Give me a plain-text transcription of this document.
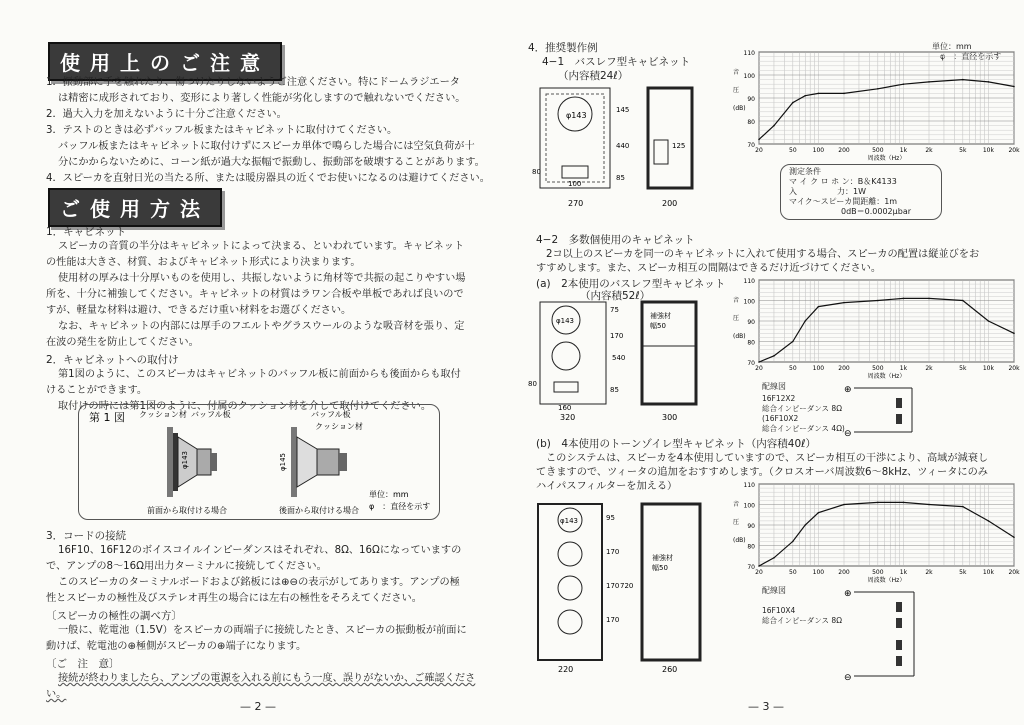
使用上のご注意
1．振動部に手を触れたり、傷つけたりしないようご注意ください。特にドームラジエータ
は精密に成形されており、変形により著しく性能が劣化しますので触れないでください。
2．過大入力を加えないように十分ご注意ください。
3．テストのときは必ずバッフル板またはキャビネットに取付けてください。
バッフル板またはキャビネットに取付けずにスピーカ単体で鳴らした場合には空気負荷が十
分にかからないために、コーン紙が過大な振幅で振動し、振動部を破壊することがあります。
4．スピーカを直射日光の当たる所、または暖房器具の近くでお使いになるのは避けてください。
ご使用方法
1．キャビネット
スピーカの音質の半分はキャビネットによって決まる、といわれています。キャビネット
の性能は大きさ、材質、およびキャビネット形式により決まります。
使用材の厚みは十分厚いものを使用し、共振しないように角材等で共振の起こりやすい場
所を、十分に補強してください。キャビネットの材質はラワン合板や単板であれば良いので
すが、軽量な材料は避け、できるだけ重い材料をお選びください。
なお、キャビネットの内部には厚手のフエルトやグラスウールのような吸音材を張り、定
在波の発生を防止してください。
2．キャビネットへの取付け
第1図のように、このスピーカはキャビネットのバッフル板に前面からも後面からも取付
けることができます。
取付けの時には第1図のように、付属のクッション材を介して取付けてください。
第 1 図 クッション材 バッフル板
φ143
前面から取付ける場合
バッフル板
クッション材
φ145
後面から取付ける場合
単位：mm
φ　：直径を示す
3．コードの接続
16F10、16F12のボイスコイルインピーダンスはそれぞれ、8Ω、16Ωになっていますの
で、アンプの8〜16Ω用出力ターミナルに接続してください。
このスピーカのターミナルボードおよび銘板には⊕⊖の表示がしてあります。アンプの極
性とスピーカの極性及びステレオ再生の場合には左右の極性をそろえてください。
〔スピーカの極性の調べ方〕
一般に、乾電池（1.5V）をスピーカの両端子に接続したとき、スピーカの振動板が前面に
動けば、乾電池の⊕極側がスピーカの⊕端子になります。
〔ご　注　意〕
接続が終わりましたら、アンプの電源を入れる前にもう一度、誤りがないか、ご確認くださ
い。
— 2 —
4．推奨製作例	単位：mm
φ　：直径を示す
4−1　バスレフ型キャビネット
（内容積24ℓ）
φ143
145
440
80
85
100
270
125
200
110
100
90
80
70
20	50	100 200	500	1k	2k	5k	10k 20k
音
圧
(dB)
周波数（Hz）
測定条件
マ イ ク ロ ホ ン：B＆K4133
入　　　　　力：1W
マイク〜スピーカ間距離：1m
0dB＝0.0002μbar
4−2　多数個使用のキャビネット
2コ以上のスピーカを同一のキャビネットに入れて使用する場合、スピーカの配置は縦並びをお
すすめします。また、スピーカ相互の間隔はできるだけ近づけてください。
(a)　2本使用のバスレフ型キャビネット
（内容積52ℓ）
φ143
75
170
540
85
80
160
320
補強材
幅50
300
110
100
90
80
70
20	50	100 200	500	1k	2k	5k	10k 20k
音
圧
(dB)
周波数（Hz）
配線図
16F12X2
総合インピーダンス 8Ω
(16F10X2
総合インピーダンス 4Ω)
⊕
⊖
(b)　4本使用のトーンゾイレ型キャビネット（内容積40ℓ）
このシステムは、スピーカを4本使用していますので、スピーカ相互の干渉により、高域が減衰し
てきますので、ツィータの追加をおすすめします。（クロスオーバ周波数6〜8kHz、ツィータにのみ
ハイパスフィルターを加える）
φ143	95
170
170 720
170
220
補強材
幅50
260
110
100
90
80
70
20	50	100 200	500	1k	2k	5k	10k 20k
音
圧
(dB)
周波数（Hz）
配線図
16F10X4
総合インピーダンス 8Ω
⊕
⊖
— 3 —
